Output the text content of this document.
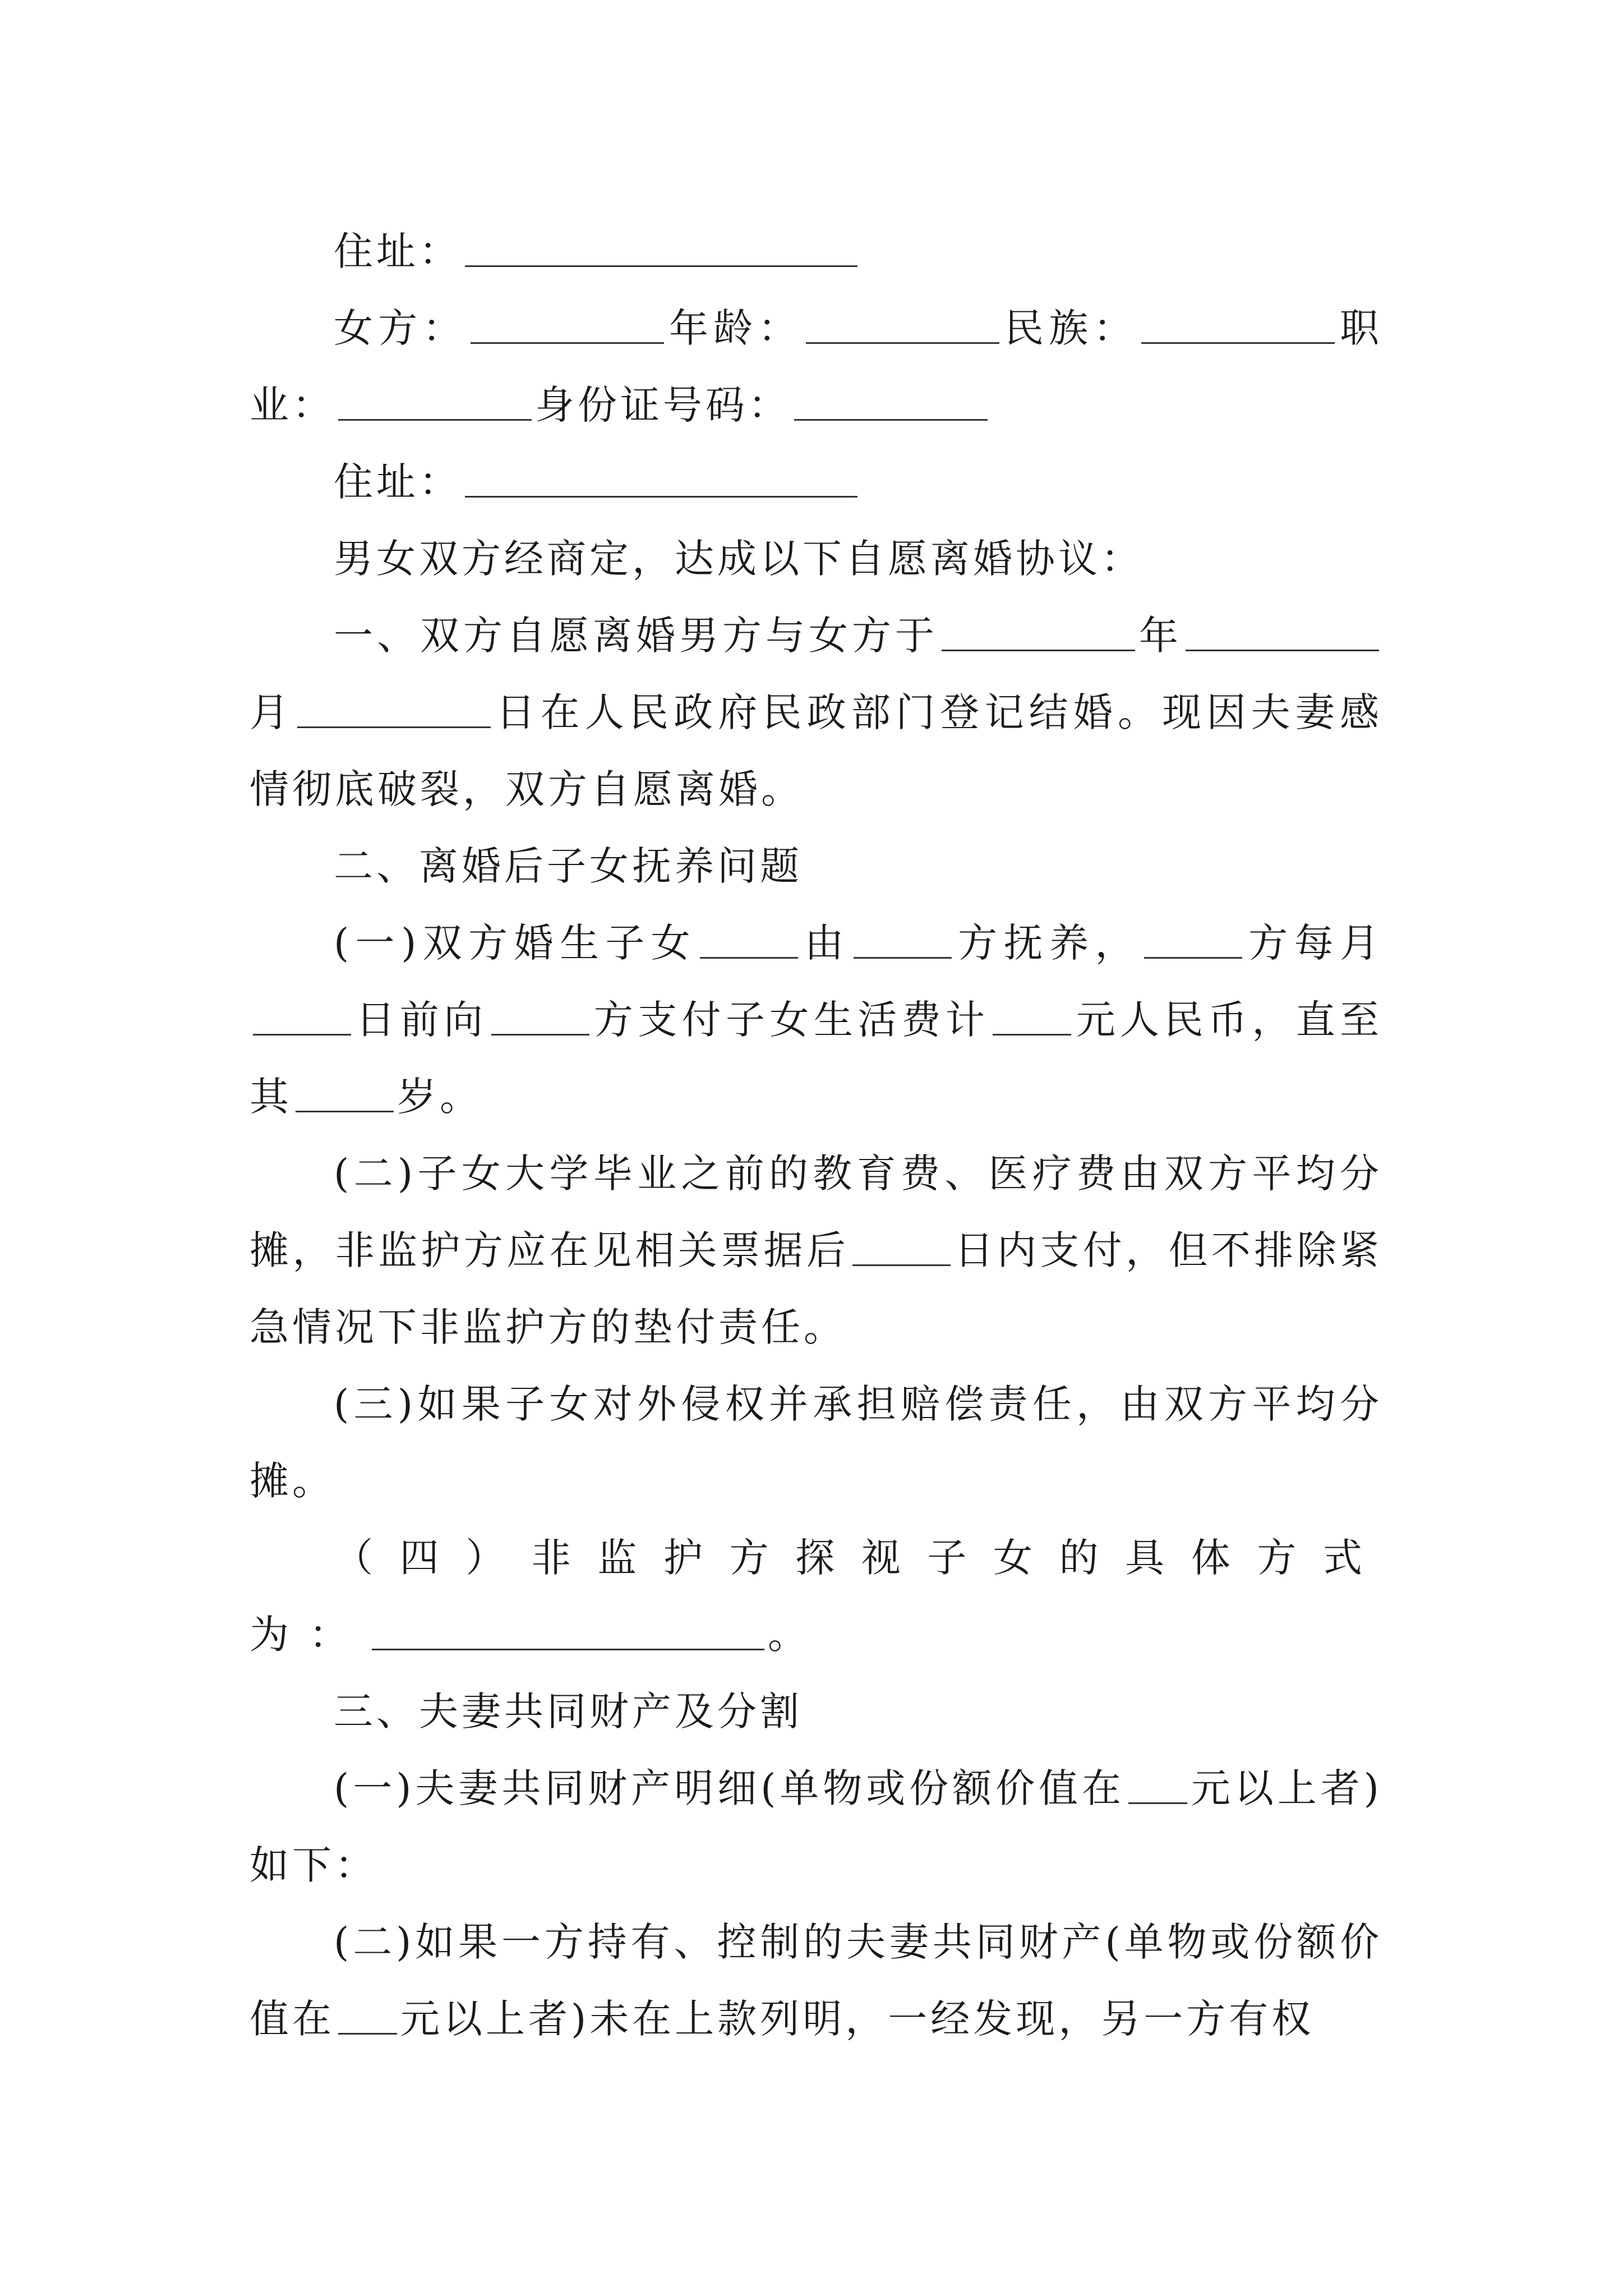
住址：

女方：	年龄：	民族：	职业：	身份证号码：

住址：

男女双方经商定，达成以下自愿离婚协议：

一、双方自愿离婚男方与女方于	年月	日在人民政府民政部门登记结婚。现因夫妻感情彻底破裂，双方自愿离婚。

二、离婚后子女抚养问题

(一)双方婚生子女	由	方抚养，	方每月日前向	方支付子女生活费计 元人民币，直至其	岁。

(二)子女大学毕业之前的教育费、医疗费由双方平均分摊，非监护方应在见相关票据后	日内支付，但不排除紧急情况下非监护方的垫付责任。

(三)如果子女对外侵权并承担赔偿责任，由双方平均分摊。

（四）非监护方探视子女的具体方式为：	。

三、夫妻共同财产及分割

(一)夫妻共同财产明细(单物或份额价值在 元以上者)如下：

(二)如果一方持有、控制的夫妻共同财产(单物或份额价值在 元以上者)未在上款列明，一经发现，另一方有权
